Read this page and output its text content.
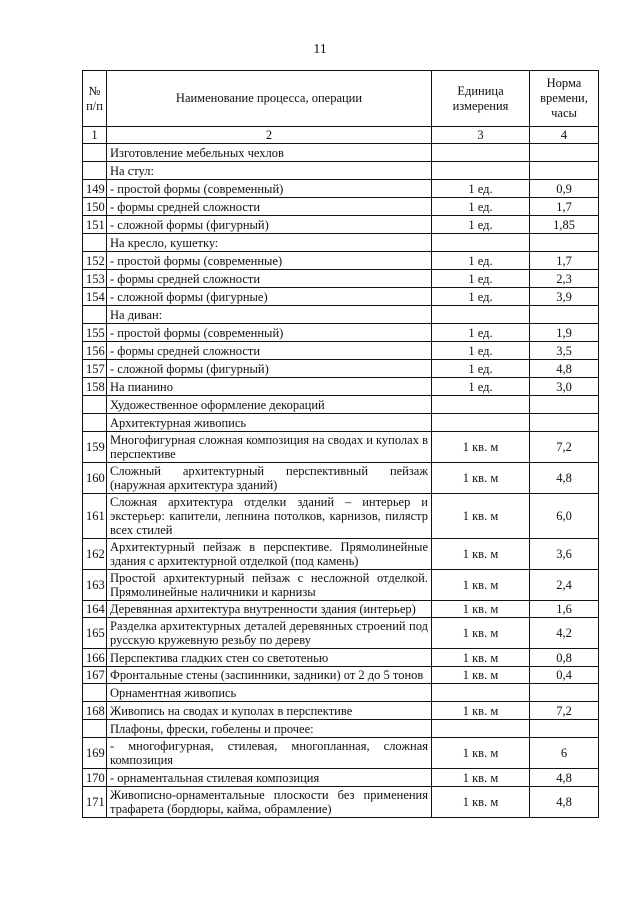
11
№ п/п	Наименование процесса, операции	Единица измерения	Норма времени, часы
1	2	3	4
	Изготовление мебельных чехлов		
	На стул:		
149	- простой формы (современный)	1 ед.	0,9
150	- формы средней сложности	1 ед.	1,7
151	- сложной формы (фигурный)	1 ед.	1,85
	На кресло, кушетку:		
152	- простой формы (современные)	1 ед.	1,7
153	- формы средней сложности	1 ед.	2,3
154	- сложной формы (фигурные)	1 ед.	3,9
	На диван:		
155	- простой формы (современный)	1 ед.	1,9
156	- формы средней сложности	1 ед.	3,5
157	- сложной формы (фигурный)	1 ед.	4,8
158	На пианино	1 ед.	3,0
	Художественное оформление декораций		
	Архитектурная живопись		
159	Многофигурная сложная композиция на сводах и куполах в перспективе	1 кв. м	7,2
160	Сложный архитектурный перспективный пейзаж (наружная архитектура зданий)	1 кв. м	4,8
161	Сложная архитектура отделки зданий – интерьер и экстерьер: капители, лепнина потолков, карнизов, пилястр всех стилей	1 кв. м	6,0
162	Архитектурный пейзаж в перспективе. Прямолинейные здания с архитектурной отделкой (под камень)	1 кв. м	3,6
163	Простой архитектурный пейзаж с несложной отделкой. Прямолинейные наличники и карнизы	1 кв. м	2,4
164	Деревянная архитектура внутренности здания (интерьер)	1 кв. м	1,6
165	Разделка архитектурных деталей деревянных строений под русскую кружевную резьбу по дереву	1 кв. м	4,2
166	Перспектива гладких стен со светотенью	1 кв. м	0,8
167	Фронтальные стены (заспинники, задники) от 2 до 5 тонов	1 кв. м	0,4
	Орнаментная живопись		
168	Живопись на сводах и куполах в перспективе	1 кв. м	7,2
	Плафоны, фрески, гобелены и прочее:		
169	- многофигурная, стилевая, многопланная, сложная композиция	1 кв. м	6
170	- орнаментальная стилевая композиция	1 кв. м	4,8
171	Живописно-орнаментальные плоскости без применения трафарета (бордюры, кайма, обрамление)	1 кв. м	4,8
